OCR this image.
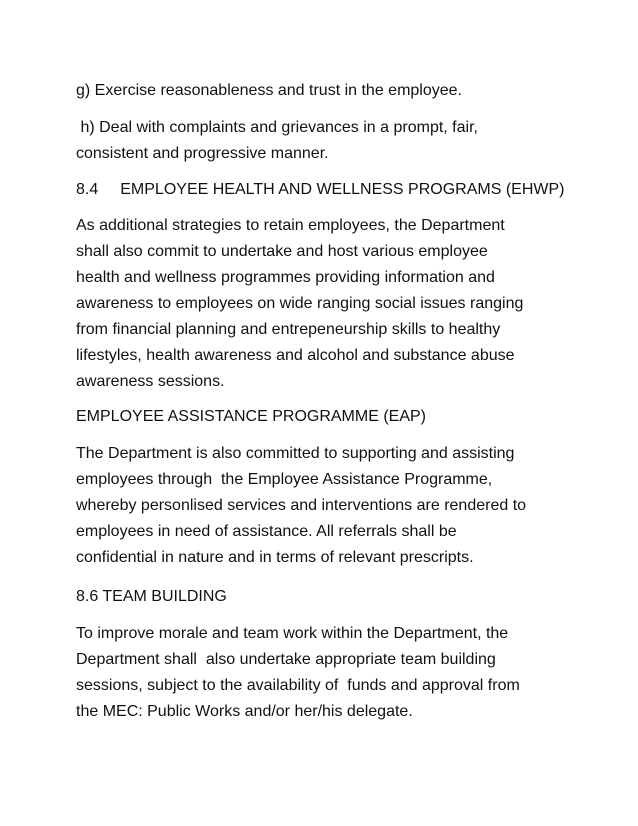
g) Exercise reasonableness and trust in the employee.

h) Deal with complaints and grievances in a prompt, fair,
consistent and progressive manner.

8.4 EMPLOYEE HEALTH AND WELLNESS PROGRAMS (EHWP)

As additional strategies to retain employees, the Department
shall also commit to undertake and host various employee
health and wellness programmes providing information and
awareness to employees on wide ranging social issues ranging
from financial planning and entrepeneurship skills to healthy
lifestyles, health awareness and alcohol and substance abuse
awareness sessions.

EMPLOYEE ASSISTANCE PROGRAMME (EAP)

The Department is also committed to supporting and assisting
employees through  the Employee Assistance Programme,
whereby personlised services and interventions are rendered to
employees in need of assistance. All referrals shall be
confidential in nature and in terms of relevant prescripts.

8.6 TEAM BUILDING

To improve morale and team work within the Department, the
Department shall  also undertake appropriate team building
sessions, subject to the availability of  funds and approval from
the MEC: Public Works and/or her/his delegate.
